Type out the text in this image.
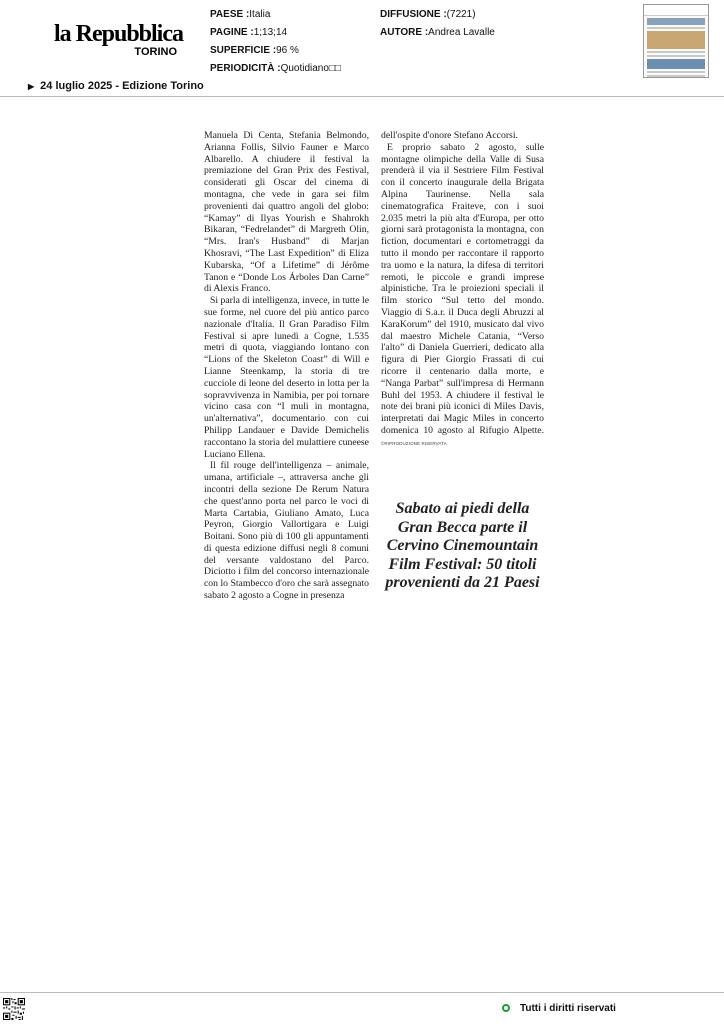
la Repubblica
TORINO
PAESE :Italia
PAGINE :1;13;14
SUPERFICIE :96 %
PERIODICITÀ :Quotidiano□□
DIFFUSIONE :(7221)
AUTORE :Andrea Lavalle
▶ 24 luglio 2025 - Edizione Torino

Manuela Di Centa, Stefania Belmondo, Arianna Follis, Silvio Fauner e Marco Albarello. A chiudere il festival la premiazione del Gran Prix des Festival, considerati gli Oscar del cinema di montagna, che vede in gara sei film provenienti dai quattro angoli del globo: “Kamay” di Ilyas Yourish e Shahrokh Bikaran, “Fedrelandet” di Margreth Olin, “Mrs. Iran's Husband” di Marjan Khosravi, “The Last Expedition” di Eliza Kubarska, “Of a Lifetime” di Jérôme Tanon e “Donde Los Árboles Dan Carne” di Alexis Franco.

Si parla di intelligenza, invece, in tutte le sue forme, nel cuore del più antico parco nazionale d'Italia. Il Gran Paradiso Film Festival si apre lunedì a Cogne, 1.535 metri di quota, viaggiando lontano con “Lions of the Skeleton Coast” di Will e Lianne Steenkamp, la storia di tre cucciole di leone del deserto in lotta per la sopravvivenza in Namibia, per poi tornare vicino casa con “I muli in montagna, un'alternativa”, documentario con cui Philipp Landauer e Davide Demichelis raccontano la storia del mulattiere cuneese Luciano Ellena.

Il fil rouge dell'intelligenza – animale, umana, artificiale –, attraversa anche gli incontri della sezione De Rerum Natura che quest'anno porta nel parco le voci di Marta Cartabia, Giuliano Amato, Luca Peyron, Giorgio Vallortigara e Luigi Boitani. Sono più di 100 gli appuntamenti di questa edizione diffusi negli 8 comuni del versante valdostano del Parco. Diciotto i film del concorso internazionale con lo Stambecco d'oro che sarà assegnato sabato 2 agosto a Cogne in presenza

dell'ospite d'onore Stefano Accorsi.

E proprio sabato 2 agosto, sulle montagne olimpiche della Valle di Susa prenderà il via il Sestriere Film Festival con il concerto inaugurale della Brigata Alpina Taurinense. Nella sala cinematografica Fraiteve, con i suoi 2.035 metri la più alta d'Europa, per otto giorni sarà protagonista la montagna, con fiction, documentari e cortometraggi da tutto il mondo per raccontare il rapporto tra uomo e la natura, la difesa di territori remoti, le piccole e grandi imprese alpinistiche. Tra le proiezioni speciali il film storico “Sul tetto del mondo. Viaggio di S.a.r. il Duca degli Abruzzi al KaraKorum” del 1910, musicato dal vivo dal maestro Michele Catania, “Verso l'alto” di Daniela Guerrieri, dedicato alla figura di Pier Giorgio Frassati di cui ricorre il centenario dalla morte, e “Nanga Parbat” sull'impresa di Hermann Buhl del 1953. A chiudere il festival le note dei brani più iconici di Miles Davis, interpretati dai Magic Miles in concerto domenica 10 agosto al Rifugio Alpette. ©RIPRODUZIONE RISERVATA

Sabato ai piedi della Gran Becca parte il Cervino Cinemountain Film Festival: 50 titoli provenienti da 21 Paesi
Tutti i diritti riservati
